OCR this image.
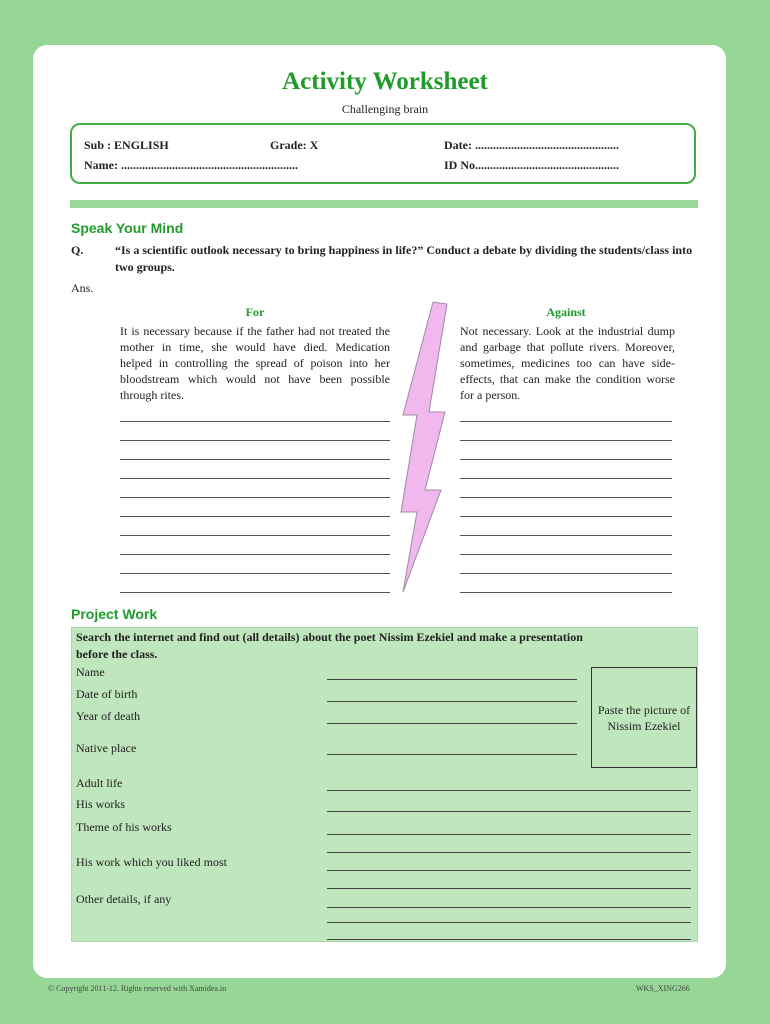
Activity Worksheet
Challenging brain
Sub : ENGLISH	Grade: X	Date: ................................................
Name: ...........................................................	ID No................................................
Speak Your Mind
Q.	“Is a scientific outlook necessary to bring happiness in life?” Conduct a debate by dividing the students/class into two groups.
Ans.
For	Against
It is necessary because if the father had not treated the mother in time, she would have died. Medication helped in controlling the spread of poison into her bloodstream which would not have been possible through rites.
Not necessary. Look at the industrial dump and garbage that pollute rivers. Moreover, sometimes, medicines too can have side-effects, that can make the condition worse for a person.
Project Work
Search the internet and find out (all details) about the poet Nissim Ezekiel and make a presentation before the class.
Name
Date of birth
Year of death
Native place
Adult life
His works
Theme of his works
His work which you liked most
Other details, if any
Paste the picture of Nissim Ezekiel
© Copyright 2011-12. Rights reserved with Xamidea.in	WKS_XING266
